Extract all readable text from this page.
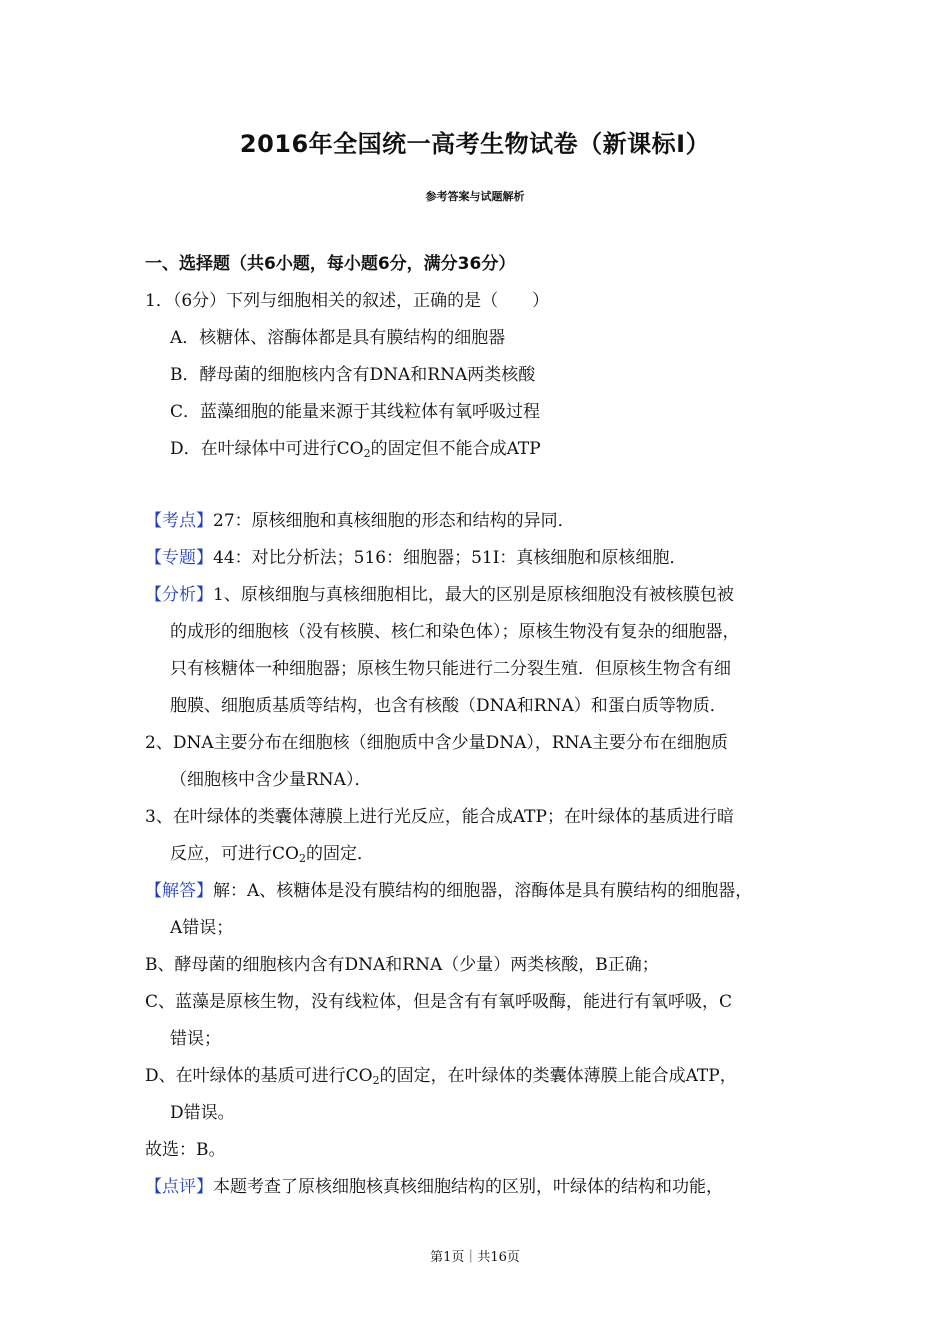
2016年全国统一高考生物试卷（新课标Ⅰ）
参考答案与试题解析
一、选择题（共6小题，每小题6分，满分36分）
1．（6分）下列与细胞相关的叙述，正确的是（　　）
A．核糖体、溶酶体都是具有膜结构的细胞器
B．酵母菌的细胞核内含有DNA和RNA两类核酸
C．蓝藻细胞的能量来源于其线粒体有氧呼吸过程
D．在叶绿体中可进行$CO_2$的固定但不能合成ATP
【考点】27：原核细胞和真核细胞的形态和结构的异同．
【专题】44：对比分析法；516：细胞器；51I：真核细胞和原核细胞．
【分析】1、原核细胞与真核细胞相比，最大的区别是原核细胞没有被核膜包被
的成形的细胞核（没有核膜、核仁和染色体）；原核生物没有复杂的细胞器，
只有核糖体一种细胞器；原核生物只能进行二分裂生殖．但原核生物含有细
胞膜、细胞质基质等结构，也含有核酸（DNA和RNA）和蛋白质等物质．
2、DNA主要分布在细胞核（细胞质中含少量DNA），RNA主要分布在细胞质
（细胞核中含少量RNA）．
3、在叶绿体的类囊体薄膜上进行光反应，能合成ATP；在叶绿体的基质进行暗
反应，可进行$CO_2$的固定．
【解答】解：A、核糖体是没有膜结构的细胞器，溶酶体是具有膜结构的细胞器，
A错误；
B、酵母菌的细胞核内含有DNA和RNA（少量）两类核酸，B正确；
C、蓝藻是原核生物，没有线粒体，但是含有有氧呼吸酶，能进行有氧呼吸，C
错误；
D、在叶绿体的基质可进行$CO_2$的固定，在叶绿体的类囊体薄膜上能合成ATP，
D错误。
故选：B。
【点评】本题考查了原核细胞核真核细胞结构的区别，叶绿体的结构和功能，
第1页｜共16页
